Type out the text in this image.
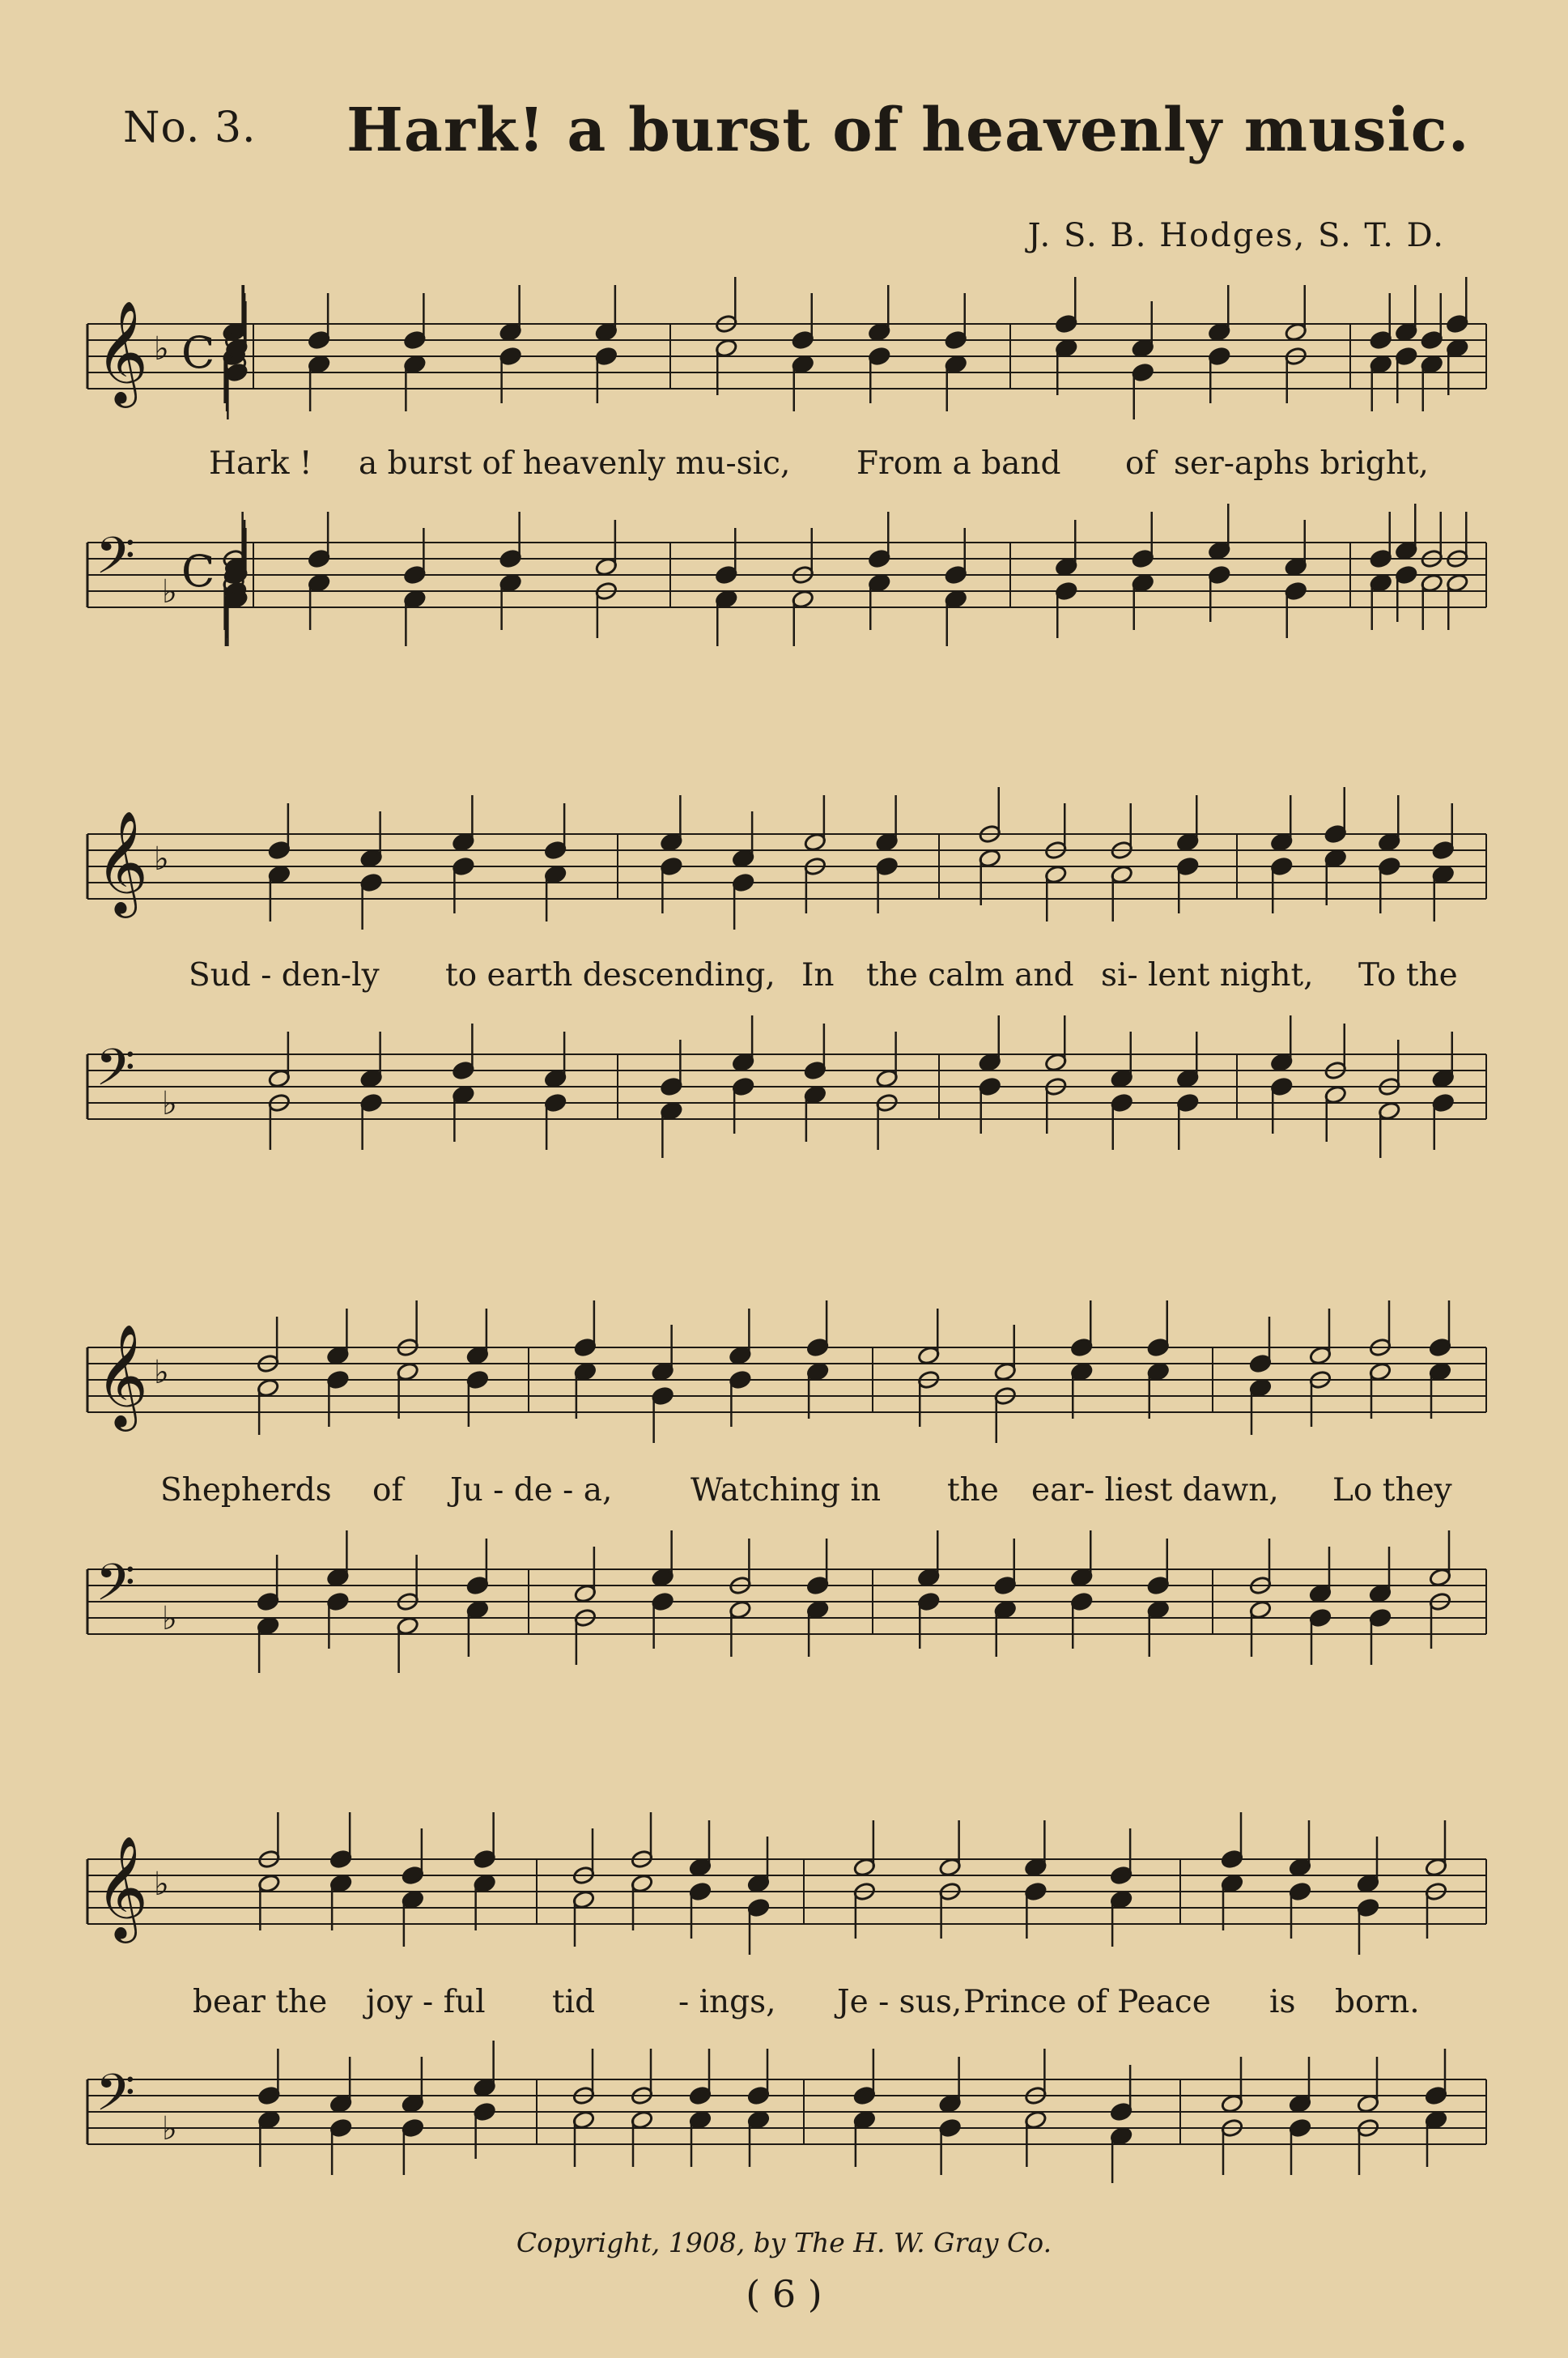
No. 3. Hark! a burst of heavenly music.
J. S. B. Hodges, S. T. D.
𝄞 ♭ C
Hark ! a burst of heavenly mu-sic, From a band of ser-aphs bright,
𝄢 ♭ C
𝄞 ♭
Sud - den-ly to earth descending, In the calm and si- lent night, To the
𝄢 ♭
𝄞 ♭
Shepherds of Ju - de - a, Watching in the ear- liest dawn, Lo they
𝄢 ♭
𝄞 ♭
bear the joy - ful tid	- ings, Je - sus, Prince of Peace is born.
𝄢 ♭
Copyright, 1908, by The H. W. Gray Co.
( 6 )
